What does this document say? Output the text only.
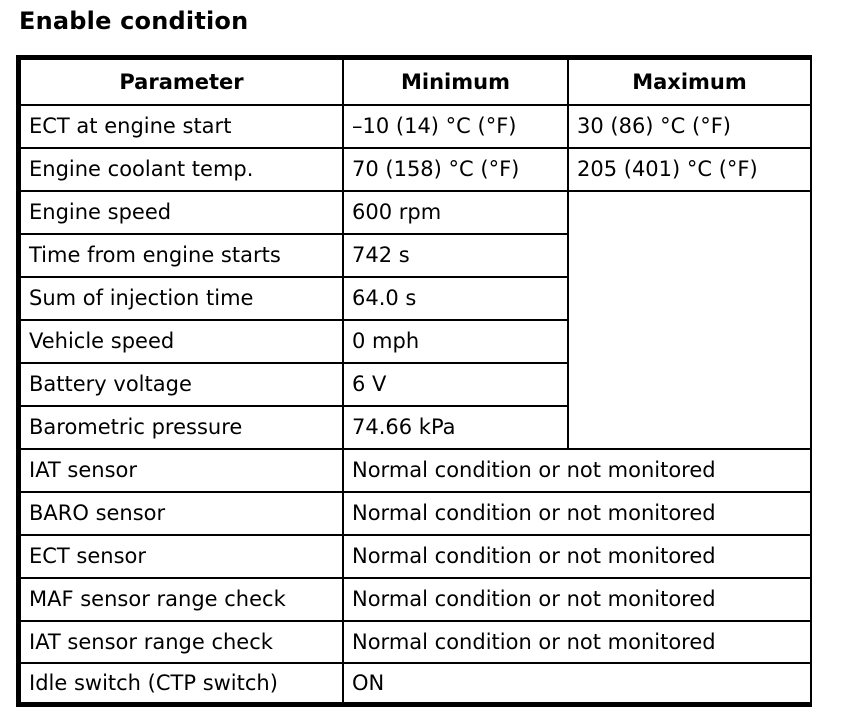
Enable condition
Parameter	Minimum	Maximum
ECT at engine start	–10 (14) °C (°F)	30 (86) °C (°F)
Engine coolant temp.	70 (158) °C (°F)	205 (401) °C (°F)
Engine speed	600 rpm
Time from engine starts	742 s
Sum of injection time	64.0 s
Vehicle speed	0 mph
Battery voltage	6 V
Barometric pressure	74.66 kPa
IAT sensor	Normal condition or not monitored
BARO sensor	Normal condition or not monitored
ECT sensor	Normal condition or not monitored
MAF sensor range check	Normal condition or not monitored
IAT sensor range check	Normal condition or not monitored
Idle switch (CTP switch)	ON
